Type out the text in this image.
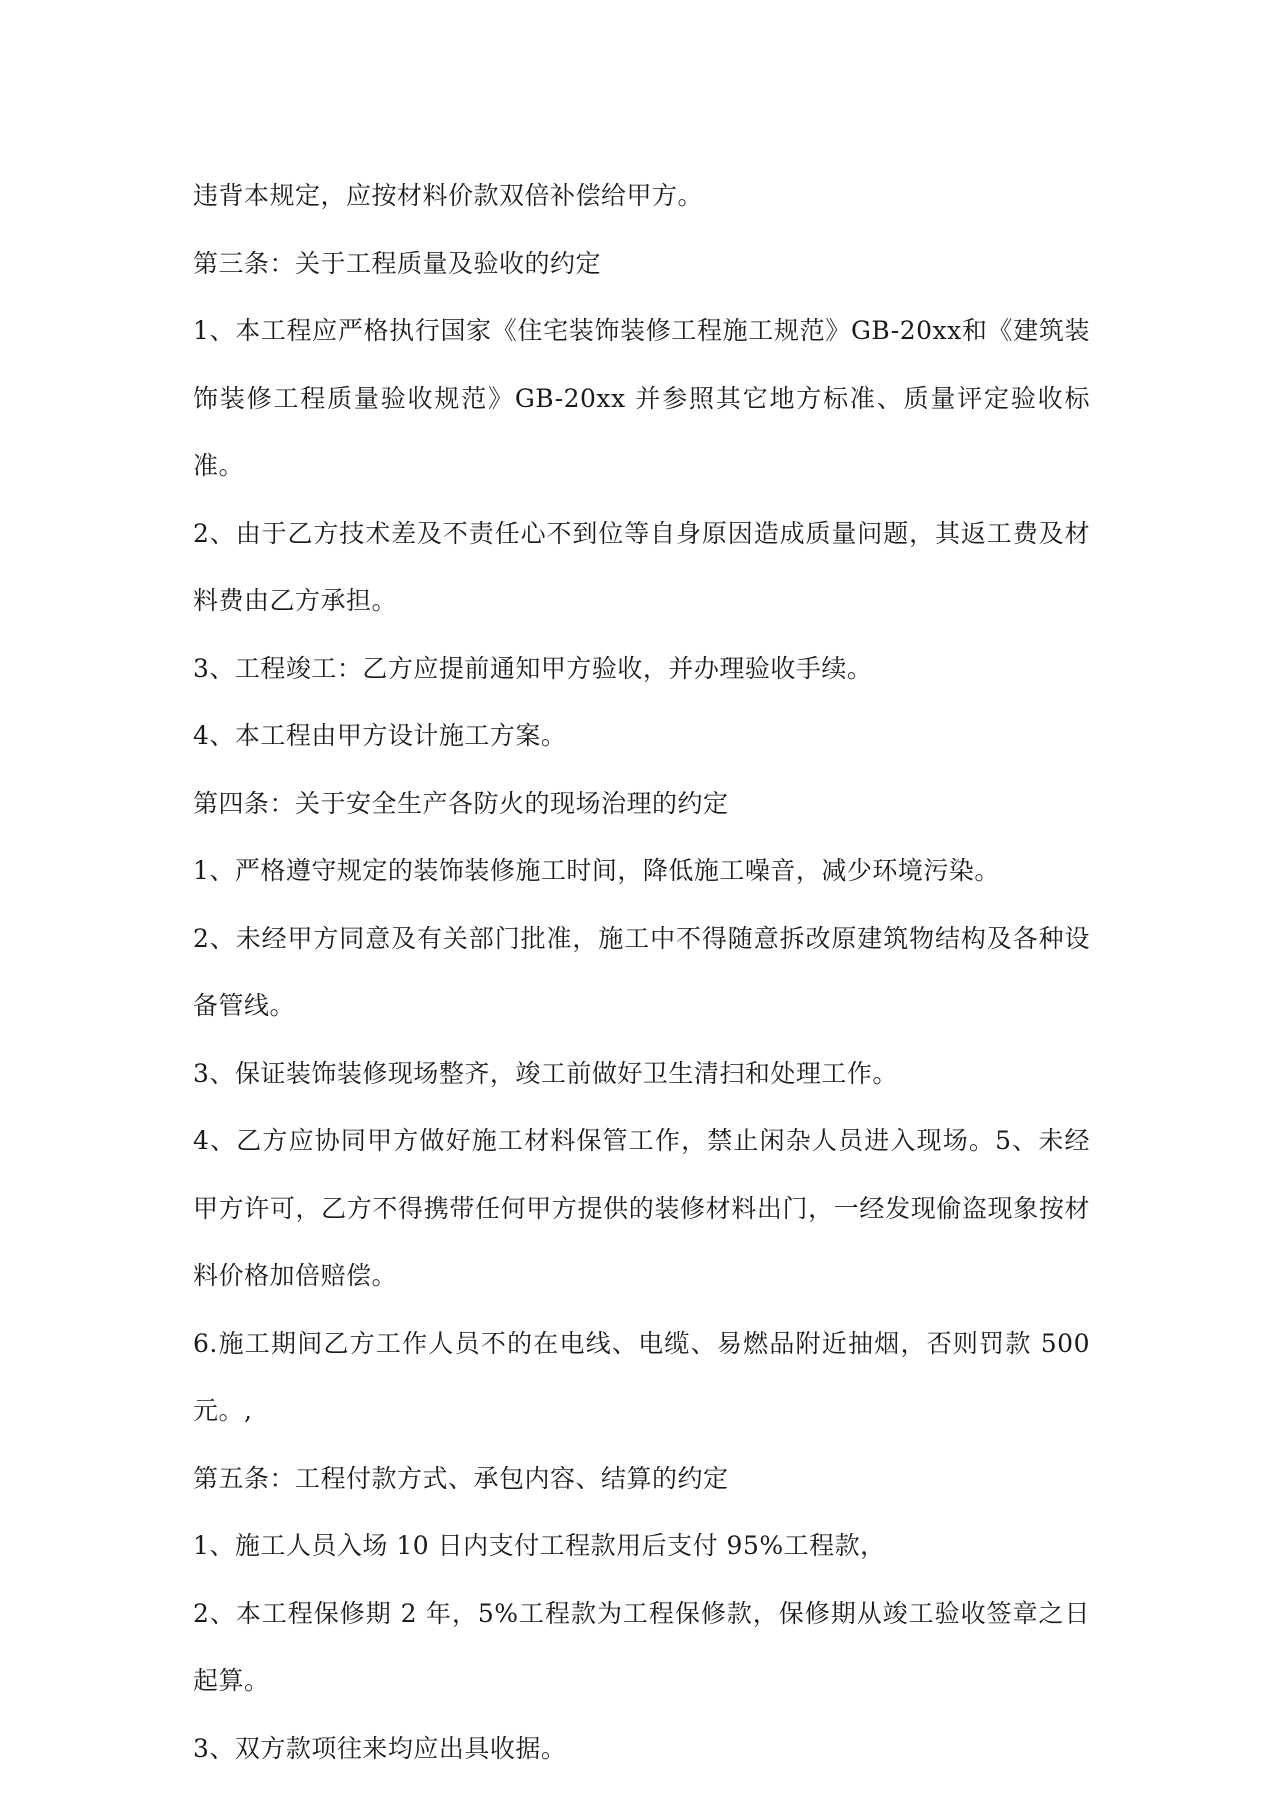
违背本规定，应按材料价款双倍补偿给甲方。

第三条：关于工程质量及验收的约定

1、本工程应严格执行国家《住宅装饰装修工程施工规范》GB-20xx和《建筑装饰装修工程质量验收规范》GB-20xx 并参照其它地方标准、质量评定验收标准。

2、由于乙方技术差及不责任心不到位等自身原因造成质量问题，其返工费及材料费由乙方承担。

3、工程竣工：乙方应提前通知甲方验收，并办理验收手续。

4、本工程由甲方设计施工方案。

第四条：关于安全生产各防火的现场治理的约定

1、严格遵守规定的装饰装修施工时间，降低施工噪音，减少环境污染。

2、未经甲方同意及有关部门批准，施工中不得随意拆改原建筑物结构及各种设备管线。

3、保证装饰装修现场整齐，竣工前做好卫生清扫和处理工作。

4、乙方应协同甲方做好施工材料保管工作，禁止闲杂人员进入现场。5、未经甲方许可，乙方不得携带任何甲方提供的装修材料出门，一经发现偷盗现象按材料价格加倍赔偿。

6.施工期间乙方工作人员不的在电线、电缆、易燃品附近抽烟，否则罚款 500 元。,

第五条：工程付款方式、承包内容、结算的约定

1、施工人员入场 10 日内支付工程款用后支付 95%工程款，

2、本工程保修期 2 年，5%工程款为工程保修款，保修期从竣工验收签章之日起算。

3、双方款项往来均应出具收据。
